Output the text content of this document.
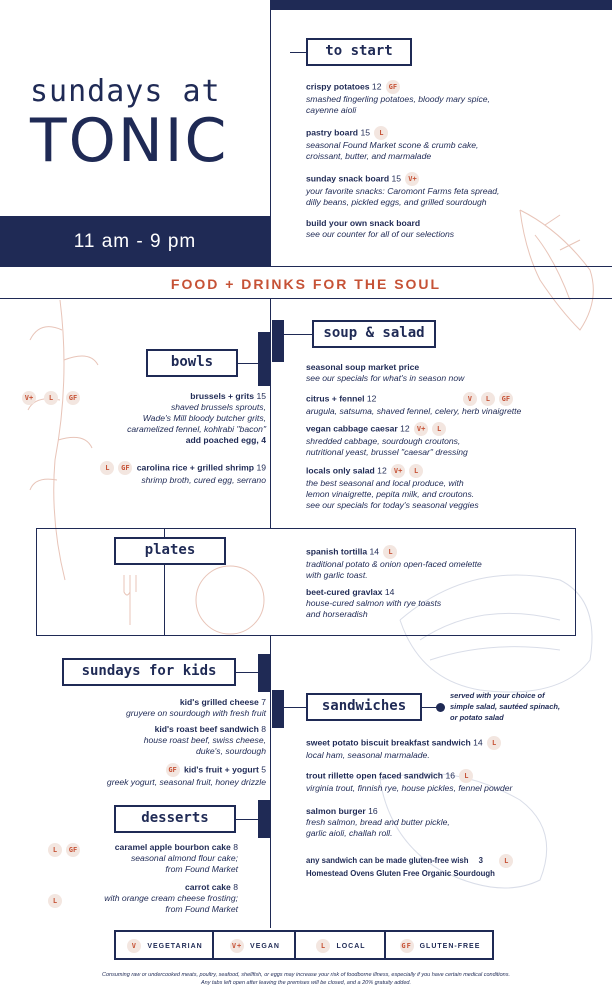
sundays at
TONIC
11 am - 9 pm
FOOD + DRINKS FOR THE SOUL
to start
crispy potatoes 12 GF
smashed fingerling potatoes, bloody mary spice,
cayenne aioli
pastry board 15 L
seasonal Found Market scone & crumb cake,
croissant, butter, and marmalade
sunday snack board 15 V+
your favorite snacks: Caromont Farms feta spread,
dilly beans, pickled eggs, and grilled sourdough
build your own snack board
see our counter for all of our selections
soup & salad
seasonal soup market price
see our specials for what's in season now
citrus + fennel 12	V L GF
arugula, satsuma, shaved fennel, celery, herb vinaigrette
vegan cabbage caesar 12 V+ L
shredded cabbage, sourdough croutons,
nutritional yeast, brussel "caesar" dressing
locals only salad 12 V+ L
the best seasonal and local produce, with
lemon vinaigrette, pepita milk, and croutons.
see our specials for today's seasonal veggies
bowls
V+	L	GF	brussels + grits 15
shaved brussels sprouts,
Wade's Mill bloody butcher grits,
caramelized fennel, kohlrabi "bacon"
add poached egg, 4
L GF carolina rice + grilled shrimp 19
shrimp broth, cured egg, serrano
plates	spanish tortilla 14 L
traditional potato & onion open-faced omelette
with garlic toast.
beet-cured gravlax 14
house-cured salmon with rye toasts
and horseradish
sundays for kids
kid's grilled cheese 7
gruyere on sourdough with fresh fruit
kid's roast beef sandwich 8
house roast beef, swiss cheese,
duke's, sourdough
GF kid's fruit + yogurt 5
greek yogurt, seasonal fruit, honey drizzle
desserts
L	GF	caramel apple bourbon cake 8
seasonal almond flour cake;
from Found Market
L
carrot cake 8
with orange cream cheese frosting;
from Found Market
sandwiches
served with your choice of
simple salad, sautéed spinach,
or potato salad
sweet potato biscuit breakfast sandwich 14 L
local ham, seasonal marmalade.
trout rillette open faced sandwich 16 L
virginia trout, finnish rye, house pickles, fennel powder
salmon burger 16
fresh salmon, bread and butter pickle,
garlic aioli, challah roll.
any sandwich can be made gluten-free wish 3	L
Homestead Ovens Gluten Free Organic Sourdough
V	VEGETARIAN	V+ VEGAN	L	LOCAL	GF GLUTEN-FREE
Consuming raw or undercooked meats, poultry, seafood, shellfish, or eggs may increase your risk of foodborne illness, especially if you have certain medical conditions.
Any tabs left open after leaving the premises will be closed, and a 20% gratuity added.
